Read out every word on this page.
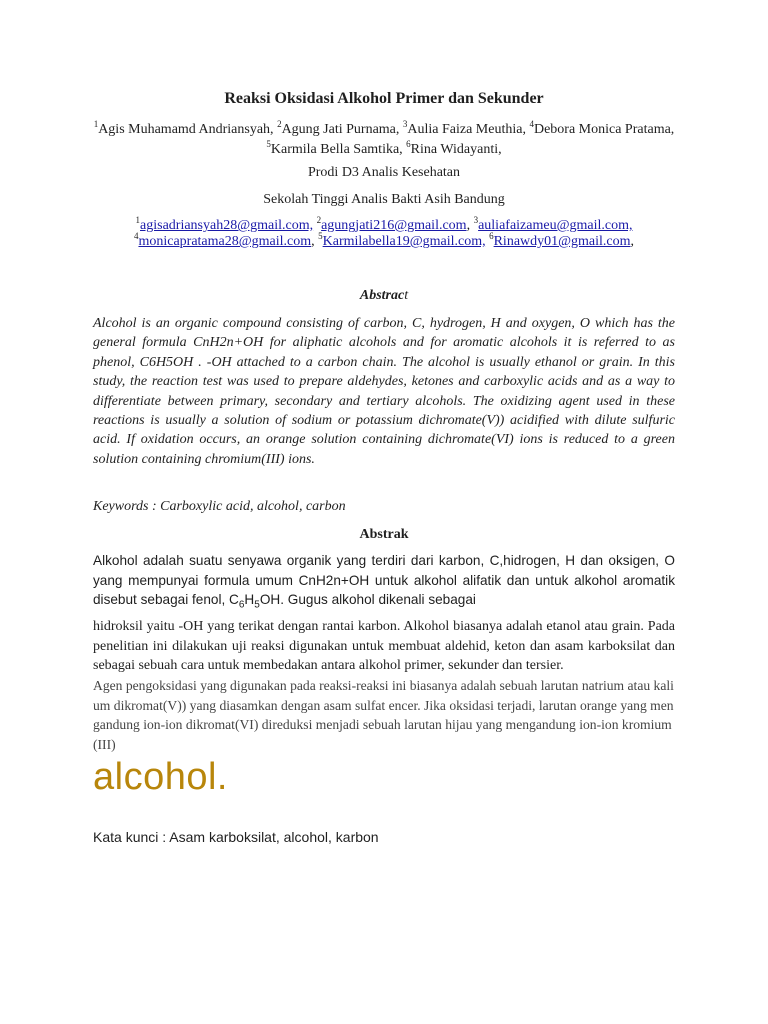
Reaksi Oksidasi Alkohol Primer dan Sekunder
$^1$Agis Muhamamd Andriansyah, $^2$Agung Jati Purnama, $^3$Aulia Faiza Meuthia, $^4$Debora Monica Pratama, $^5$Karmila Bella Samtika, $^6$Rina Widayanti,
Prodi D3 Analis Kesehatan
Sekolah Tinggi Analis Bakti Asih Bandung
$^1$agisadriansyah28@gmail.com, $^2$agungjati216@gmail.com, $^3$auliafaizameu@gmail.com, $^4$monicapratama28@gmail.com, $^5$Karmilabella19@gmail.com, $^6$Rinawdy01@gmail.com,
Abstract

Alcohol is an organic compound consisting of carbon, C, hydrogen, H and oxygen, O which has the general formula CnH2n+OH for aliphatic alcohols and for aromatic alcohols it is referred to as phenol, C6H5OH . -OH attached to a carbon chain. The alcohol is usually ethanol or grain. In this study, the reaction test was used to prepare aldehydes, ketones and carboxylic acids and as a way to differentiate between primary, secondary and tertiary alcohols. The oxidizing agent used in these reactions is usually a solution of sodium or potassium dichromate(V)) acidified with dilute sulfuric acid. If oxidation occurs, an orange solution containing dichromate(VI) ions is reduced to a green solution containing chromium(III) ions.

Keywords : Carboxylic acid, alcohol, carbon
Abstrak

Alkohol adalah suatu senyawa organik yang terdiri dari karbon, C,hidrogen, H dan oksigen, O yang mempunyai formula umum CnH2n+OH untuk alkohol alifatik dan untuk alkohol aromatik disebut sebagai fenol, $C_6H_5OH$. Gugus alkohol dikenali sebagai

hidroksil yaitu -OH yang terikat dengan rantai karbon. Alkohol biasanya adalah etanol atau grain. Pada penelitian ini dilakukan uji reaksi digunakan untuk membuat aldehid, keton dan asam karboksilat dan sebagai sebuah cara untuk membedakan antara alkohol primer, sekunder dan tersier.

Agen pengoksidasi yang digunakan pada reaksi-reaksi ini biasanya adalah sebuah larutan natrium atau kalium dikromat(V)) yang diasamkan dengan asam sulfat encer. Jika oksidasi terjadi, larutan orange yang mengandung ion-ion dikromat(VI) direduksi menjadi sebuah larutan hijau yang mengandung ion-ion kromium(III)

alcohol.
Kata kunci : Asam karboksilat, alcohol, karbon
